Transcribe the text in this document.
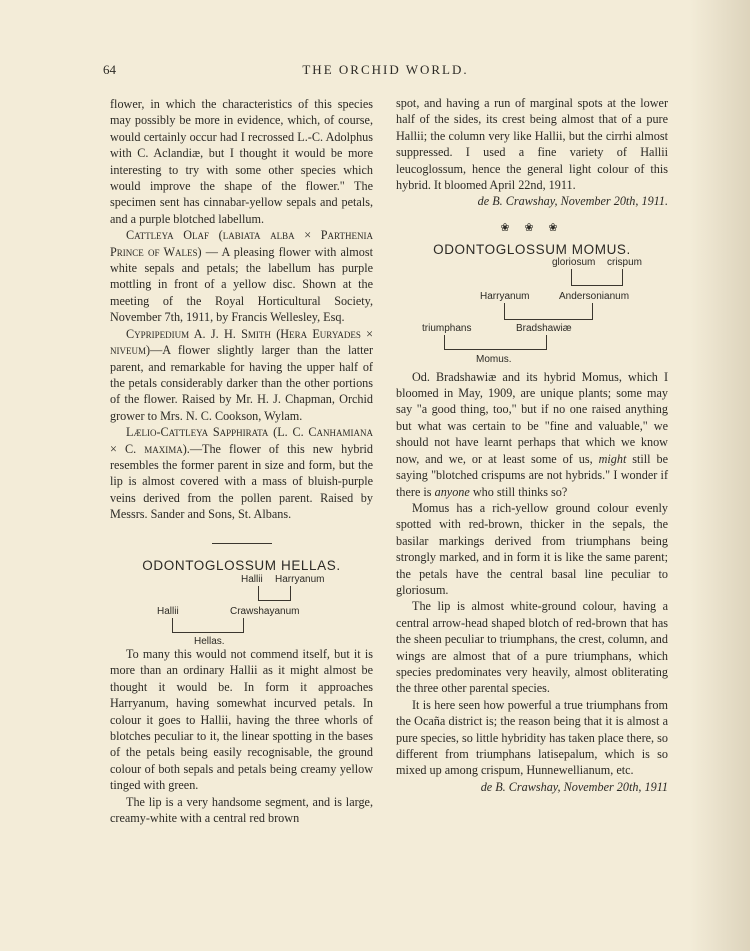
64	THE ORCHID WORLD.

flower, in which the characteristics of this species may possibly be more in evidence, which, of course, would certainly occur had I recrossed L.-C. Adolphus with C. Aclandiæ, but I thought it would be more interesting to try with some other species which would improve the shape of the flower." The specimen sent has cinnabar-yellow sepals and petals, and a purple blotched labellum.

Cattleya Olaf (labiata alba × Parthenia Prince of Wales) — A pleasing flower with almost white sepals and petals; the labellum has purple mottling in front of a yellow disc. Shown at the meeting of the Royal Horticultural Society, November 7th, 1911, by Francis Wellesley, Esq.

Cypripedium A. J. H. Smith (Hera Euryades × niveum)—A flower slightly larger than the latter parent, and remarkable for having the upper half of the petals considerably darker than the other portions of the flower. Raised by Mr. H. J. Chapman, Orchid grower to Mrs. N. C. Cookson, Wylam.

Lælio-Cattleya Sapphirata (L. C. Canhamiana × C. maxima).—The flower of this new hybrid resembles the former parent in size and form, but the lip is almost covered with a mass of bluish-purple veins derived from the pollen parent. Raised by Messrs. Sander and Sons, St. Albans.

ODONTOGLOSSUM HELLAS.
Hallii Harryanum
Hallii	Crawshayanum
Hellas.

To many this would not commend itself, but it is more than an ordinary Hallii as it might almost be thought it would be. In form it approaches Harryanum, having somewhat incurved petals. In colour it goes to Hallii, having the three whorls of blotches peculiar to it, the linear spotting in the bases of the petals being easily recognisable, the ground colour of both sepals and petals being creamy yellow tinged with green.

The lip is a very handsome segment, and is large, creamy-white with a central red brown

spot, and having a run of marginal spots at the lower half of the sides, its crest being almost that of a pure Hallii; the column very like Hallii, but the cirrhi almost suppressed. I used a fine variety of Hallii leucoglossum, hence the general light colour of this hybrid. It bloomed April 22nd, 1911.

de B. Crawshay, November 20th, 1911.

❀ ❀ ❀
ODONTOGLOSSUM MOMUS.
gloriosum crispum
Harryanum	Andersonianum
triumphans	Bradshawiæ
Momus.

Od. Bradshawiæ and its hybrid Momus, which I bloomed in May, 1909, are unique plants; some may say "a good thing, too," but if no one raised anything but what was certain to be "fine and valuable," we should not have learnt perhaps that which we know now, and we, or at least some of us, might still be saying "blotched crispums are not hybrids." I wonder if there is anyone who still thinks so?

Momus has a rich-yellow ground colour evenly spotted with red-brown, thicker in the sepals, the basilar markings derived from triumphans being strongly marked, and in form it is like the same parent; the petals have the central basal line peculiar to gloriosum.

The lip is almost white-ground colour, having a central arrow-head shaped blotch of red-brown that has the sheen peculiar to triumphans, the crest, column, and wings are almost that of a pure triumphans, which species predominates very heavily, almost obliterating the three other parental species.

It is here seen how powerful a true triumphans from the Ocaña district is; the reason being that it is almost a pure species, so little hybridity has taken place there, so different from triumphans latisepalum, which is so mixed up among crispum, Hunnewellianum, etc.

de B. Crawshay, November 20th, 1911
